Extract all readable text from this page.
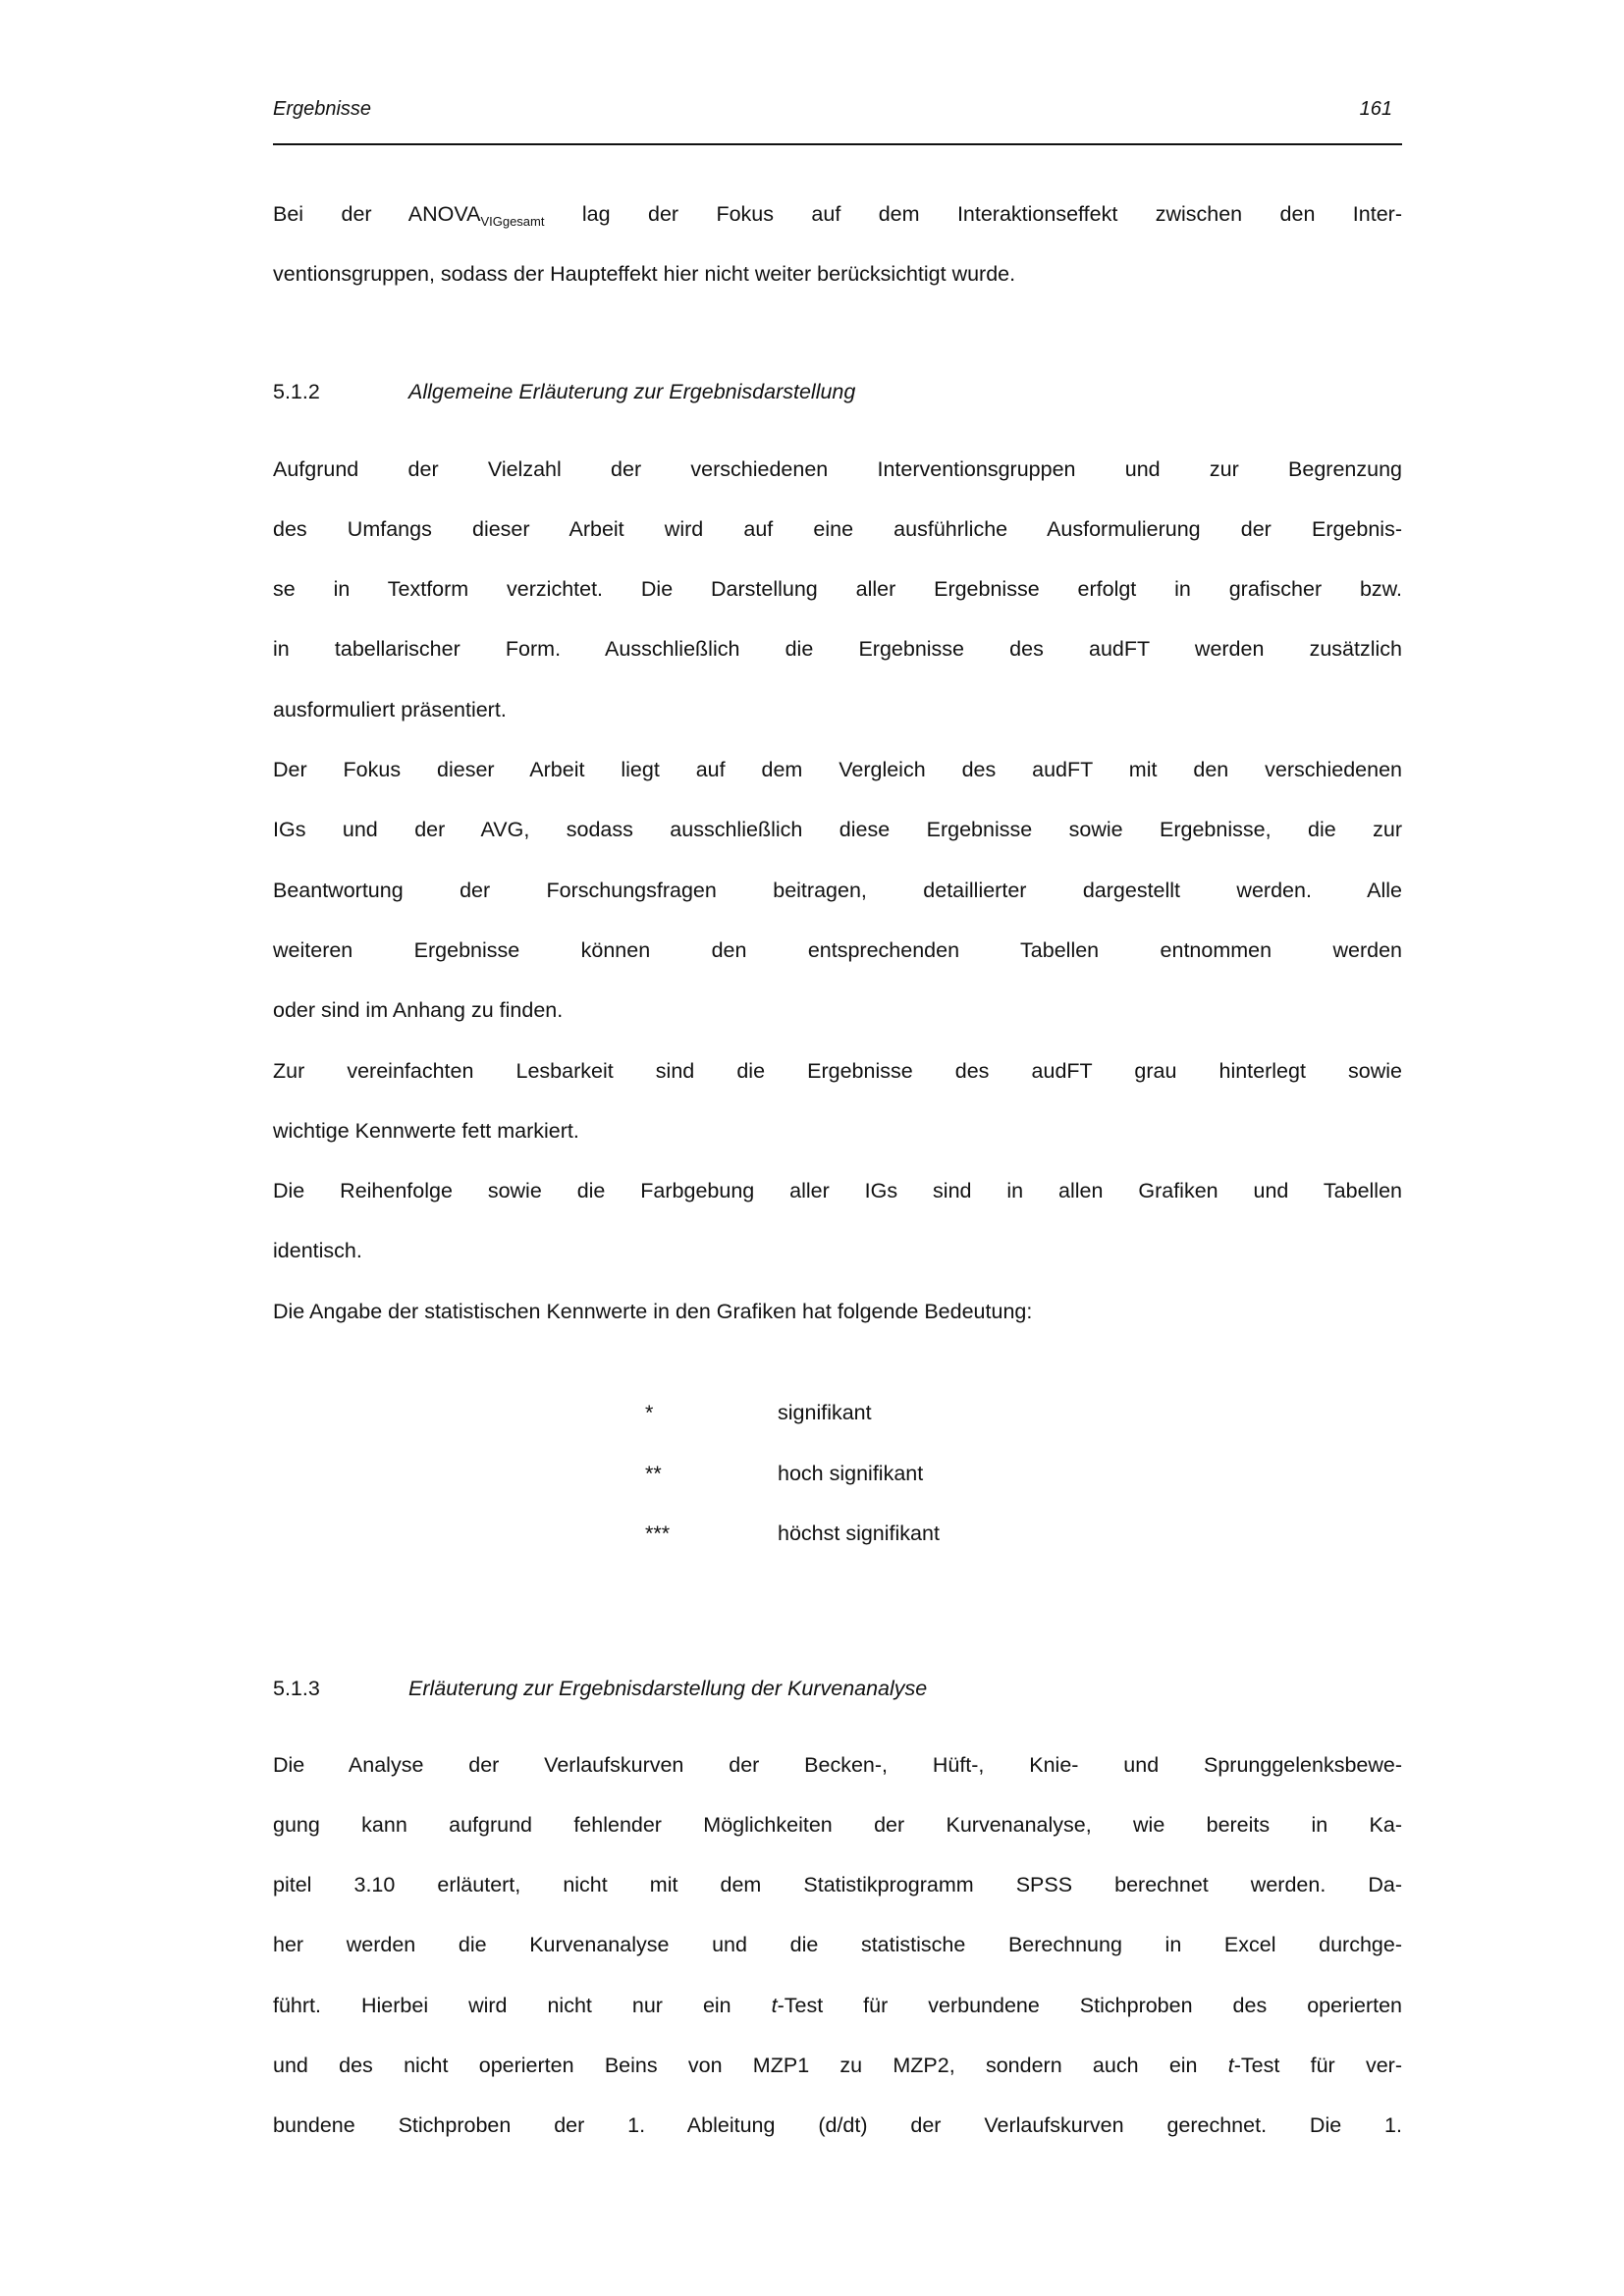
Ergebnisse	161
Bei der $ANOVA_{VIGgesamt}$ lag der Fokus auf dem Interaktionseffekt zwischen den Inter-
ventionsgruppen, sodass der Haupteffekt hier nicht weiter berücksichtigt wurde.
5.1.2	Allgemeine Erläuterung zur Ergebnisdarstellung
Aufgrund der Vielzahl der verschiedenen Interventionsgruppen und zur Begrenzung
des Umfangs dieser Arbeit wird auf eine ausführliche Ausformulierung der Ergebnis-
se in Textform verzichtet. Die Darstellung aller Ergebnisse erfolgt in grafischer bzw.
in tabellarischer Form. Ausschließlich die Ergebnisse des audFT werden zusätzlich
ausformuliert präsentiert.
Der Fokus dieser Arbeit liegt auf dem Vergleich des audFT mit den verschiedenen
IGs und der AVG, sodass ausschließlich diese Ergebnisse sowie Ergebnisse, die zur
Beantwortung der Forschungsfragen beitragen, detaillierter dargestellt werden. Alle
weiteren Ergebnisse können den entsprechenden Tabellen entnommen werden
oder sind im Anhang zu finden.
Zur vereinfachten Lesbarkeit sind die Ergebnisse des audFT grau hinterlegt sowie
wichtige Kennwerte fett markiert.
Die Reihenfolge sowie die Farbgebung aller IGs sind in allen Grafiken und Tabellen
identisch.
Die Angabe der statistischen Kennwerte in den Grafiken hat folgende Bedeutung:
*	signifikant
**	hoch signifikant
***	höchst signifikant
5.1.3	Erläuterung zur Ergebnisdarstellung der Kurvenanalyse
Die Analyse der Verlaufskurven der Becken-, Hüft-, Knie- und Sprunggelenksbewe-
gung kann aufgrund fehlender Möglichkeiten der Kurvenanalyse, wie bereits in Ka-
pitel 3.10 erläutert, nicht mit dem Statistikprogramm SPSS berechnet werden. Da-
her werden die Kurvenanalyse und die statistische Berechnung in Excel durchge-
führt. Hierbei wird nicht nur ein t-Test für verbundene Stichproben des operierten
und des nicht operierten Beins von MZP1 zu MZP2, sondern auch ein t-Test für ver-
bundene Stichproben der 1. Ableitung (d/dt) der Verlaufskurven gerechnet. Die 1.
